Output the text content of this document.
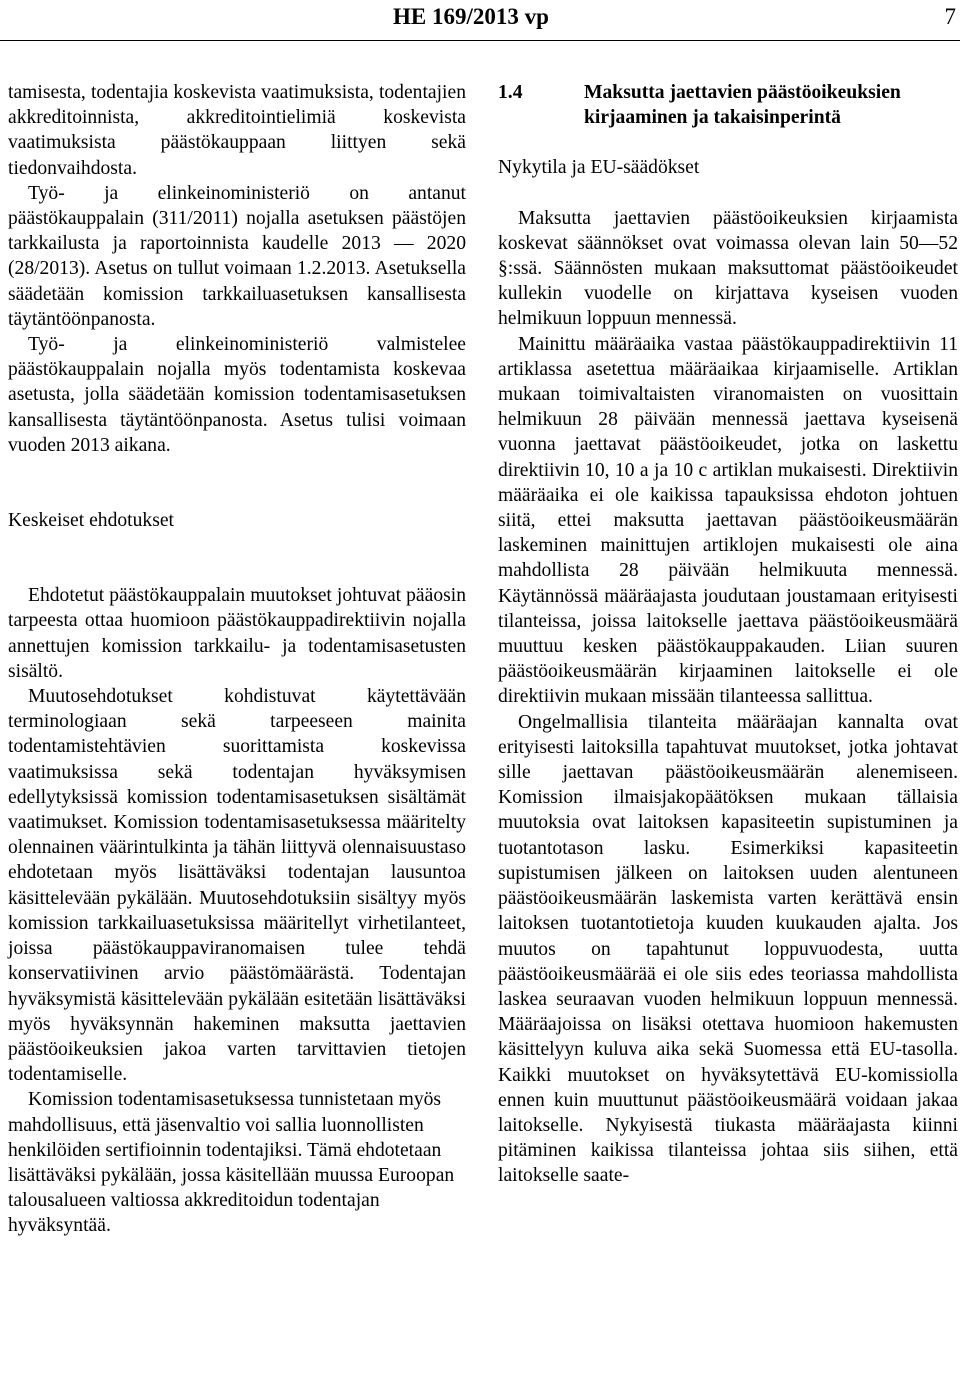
HE 169/2013 vp	7

tamisesta, todentajia koskevista vaatimuksista, todentajien akkreditoinnista, akkreditointielimiä koskevista vaatimuksista päästökauppaan liittyen sekä tiedonvaihdosta.

Työ- ja elinkeinoministeriö on antanut päästökauppalain (311/2011) nojalla asetuksen päästöjen tarkkailusta ja raportoinnista kaudelle 2013 — 2020 (28/2013). Asetus on tullut voimaan 1.2.2013. Asetuksella säädetään komission tarkkailuasetuksen kansallisesta täytäntöönpanosta.

Työ- ja elinkeinoministeriö valmistelee päästökauppalain nojalla myös todentamista koskevaa asetusta, jolla säädetään komission todentamisasetuksen kansallisesta täytäntöönpanosta. Asetus tulisi voimaan vuoden 2013 aikana.

Keskeiset ehdotukset

Ehdotetut päästökauppalain muutokset johtuvat pääosin tarpeesta ottaa huomioon päästökauppadirektiivin nojalla annettujen komission tarkkailu- ja todentamisasetusten sisältö.

Muutosehdotukset kohdistuvat käytettävään terminologiaan sekä tarpeeseen mainita todentamistehtävien suorittamista koskevissa vaatimuksissa sekä todentajan hyväksymisen edellytyksissä komission todentamisasetuksen sisältämät vaatimukset. Komission todentamisasetuksessa määritelty olennainen väärintulkinta ja tähän liittyvä olennaisuustaso ehdotetaan myös lisättäväksi todentajan lausuntoa käsittelevään pykälään. Muutosehdotuksiin sisältyy myös komission tarkkailuasetuksissa määritellyt virhetilanteet, joissa päästökauppaviranomaisen tulee tehdä konservatiivinen arvio päästömäärästä. Todentajan hyväksymistä käsittelevään pykälään esitetään lisättäväksi myös hyväksynnän hakeminen maksutta jaettavien päästöoikeuksien jakoa varten tarvittavien tietojen todentamiselle.

Komission todentamisasetuksessa tunnistetaan myös mahdollisuus, että jäsenvaltio voi sallia luonnollisten henkilöiden sertifioinnin todentajiksi. Tämä ehdotetaan lisättäväksi pykälään, jossa käsitellään muussa Euroopan talousalueen valtiossa akkreditoidun todentajan hyväksyntää.

1.4	Maksutta jaettavien päästöoikeuksien kirjaaminen ja takaisinperintä

Nykytila ja EU-säädökset

Maksutta jaettavien päästöoikeuksien kirjaamista koskevat säännökset ovat voimassa olevan lain 50—52 §:ssä. Säännösten mukaan maksuttomat päästöoikeudet kullekin vuodelle on kirjattava kyseisen vuoden helmikuun loppuun mennessä.

Mainittu määräaika vastaa päästökauppadirektiivin 11 artiklassa asetettua määräaikaa kirjaamiselle. Artiklan mukaan toimivaltaisten viranomaisten on vuosittain helmikuun 28 päivään mennessä jaettava kyseisenä vuonna jaettavat päästöoikeudet, jotka on laskettu direktiivin 10, 10 a ja 10 c artiklan mukaisesti. Direktiivin määräaika ei ole kaikissa tapauksissa ehdoton johtuen siitä, ettei maksutta jaettavan päästöoikeusmäärän laskeminen mainittujen artiklojen mukaisesti ole aina mahdollista 28 päivään helmikuuta mennessä. Käytännössä määräajasta joudutaan joustamaan erityisesti tilanteissa, joissa laitokselle jaettava päästöoikeusmäärä muuttuu kesken päästökauppakauden. Liian suuren päästöoikeusmäärän kirjaaminen laitokselle ei ole direktiivin mukaan missään tilanteessa sallittua.

Ongelmallisia tilanteita määräajan kannalta ovat erityisesti laitoksilla tapahtuvat muutokset, jotka johtavat sille jaettavan päästöoikeusmäärän alenemiseen. Komission ilmaisjakopäätöksen mukaan tällaisia muutoksia ovat laitoksen kapasiteetin supistuminen ja tuotantotason lasku. Esimerkiksi kapasiteetin supistumisen jälkeen on laitoksen uuden alentuneen päästöoikeusmäärän laskemista varten kerättävä ensin laitoksen tuotantotietoja kuuden kuukauden ajalta. Jos muutos on tapahtunut loppuvuodesta, uutta päästöoikeusmäärää ei ole siis edes teoriassa mahdollista laskea seuraavan vuoden helmikuun loppuun mennessä. Määräajoissa on lisäksi otettava huomioon hakemusten käsittelyyn kuluva aika sekä Suomessa että EU-tasolla. Kaikki muutokset on hyväksytettävä EU-komissiolla ennen kuin muuttunut päästöoikeusmäärä voidaan jakaa laitokselle. Nykyisestä tiukasta määräajasta kiinni pitäminen kaikissa tilanteissa johtaa siis siihen, että laitokselle saate-
